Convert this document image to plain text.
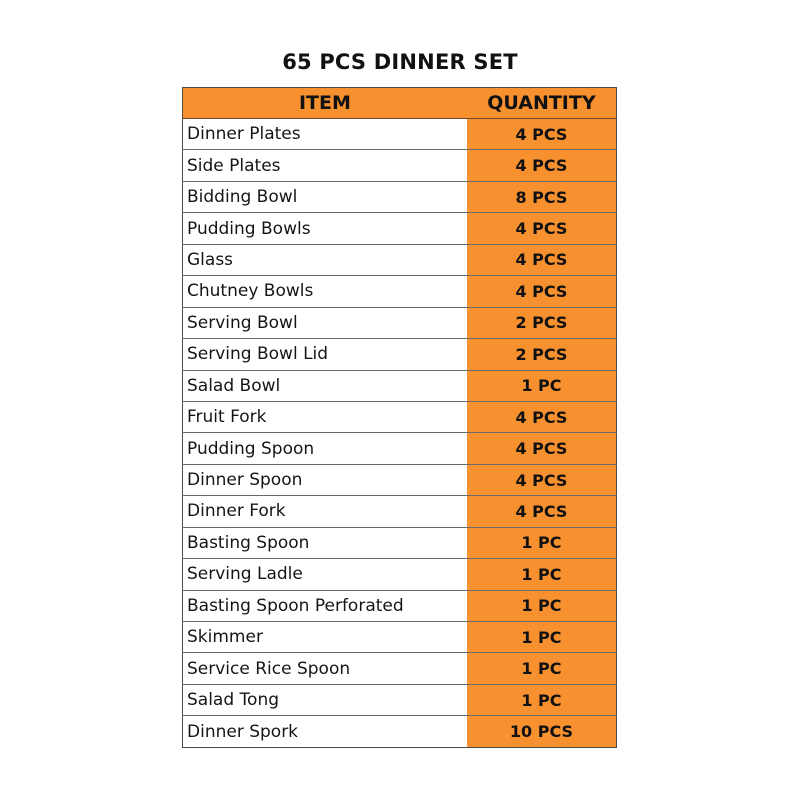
65 PCS DINNER SET
ITEM	QUANTITY
Dinner Plates	4 PCS
Side Plates	4 PCS
Bidding Bowl	8 PCS
Pudding Bowls	4 PCS
Glass	4 PCS
Chutney Bowls	4 PCS
Serving Bowl	2 PCS
Serving Bowl Lid	2 PCS
Salad Bowl	1 PC
Fruit Fork	4 PCS
Pudding Spoon	4 PCS
Dinner Spoon	4 PCS
Dinner Fork	4 PCS
Basting Spoon	1 PC
Serving Ladle	1 PC
Basting Spoon Perforated	1 PC
Skimmer	1 PC
Service Rice Spoon	1 PC
Salad Tong	1 PC
Dinner Spork	10 PCS
